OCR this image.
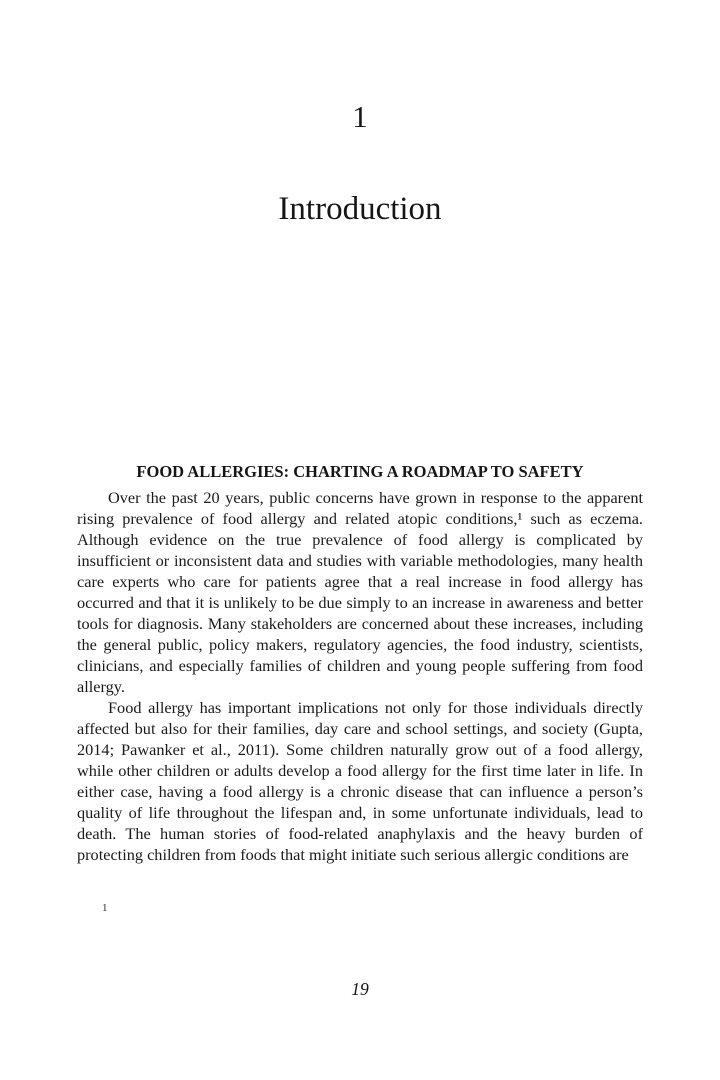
1
Introduction
FOOD ALLERGIES: CHARTING A ROADMAP TO SAFETY

Over the past 20 years, public concerns have grown in response to the apparent rising prevalence of food allergy and related atopic conditions,¹ such as eczema. Although evidence on the true prevalence of food allergy is complicated by insufficient or inconsistent data and studies with variable methodologies, many health care experts who care for patients agree that a real increase in food allergy has occurred and that it is unlikely to be due simply to an increase in awareness and better tools for diagnosis. Many stakeholders are concerned about these increases, including the general public, policy makers, regulatory agencies, the food industry, scientists, clinicians, and especially families of children and young people suffering from food allergy.

Food allergy has important implications not only for those individuals directly affected but also for their families, day care and school settings, and society (Gupta, 2014; Pawanker et al., 2011). Some children naturally grow out of a food allergy, while other children or adults develop a food allergy for the first time later in life. In either case, having a food allergy is a chronic disease that can influence a person’s quality of life throughout the lifespan and, in some unfortunate individuals, lead to death. The human stories of food-related anaphylaxis and the heavy burden of protecting children from foods that might initiate such serious allergic conditions are

1
19
